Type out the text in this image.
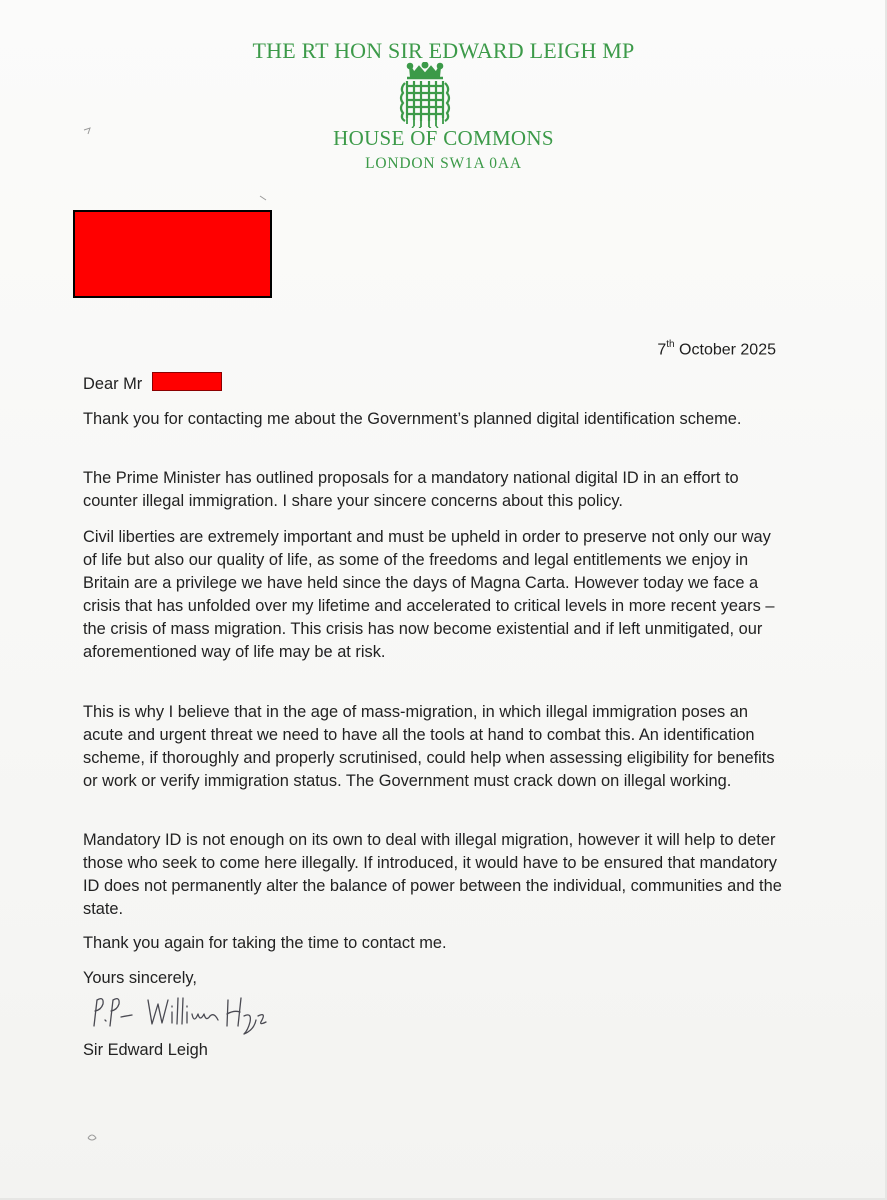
THE RT HON SIR EDWARD LEIGH MP
HOUSE OF COMMONS
LONDON SW1A 0AA
7th October 2025
Dear Mr
Thank you for contacting me about the Government’s planned digital identification scheme.
The Prime Minister has outlined proposals for a mandatory national digital ID in an effort to counter illegal immigration. I share your sincere concerns about this policy.
Civil liberties are extremely important and must be upheld in order to preserve not only our way of life but also our quality of life, as some of the freedoms and legal entitlements we enjoy in Britain are a privilege we have held since the days of Magna Carta. However today we face a crisis that has unfolded over my lifetime and accelerated to critical levels in more recent years – the crisis of mass migration. This crisis has now become existential and if left unmitigated, our aforementioned way of life may be at risk.
This is why I believe that in the age of mass-migration, in which illegal immigration poses an acute and urgent threat we need to have all the tools at hand to combat this. An identification scheme, if thoroughly and properly scrutinised, could help when assessing eligibility for benefits or work or verify immigration status. The Government must crack down on illegal working.
Mandatory ID is not enough on its own to deal with illegal migration, however it will help to deter those who seek to come here illegally. If introduced, it would have to be ensured that mandatory ID does not permanently alter the balance of power between the individual, communities and the state.
Thank you again for taking the time to contact me.
Yours sincerely,
Sir Edward Leigh
